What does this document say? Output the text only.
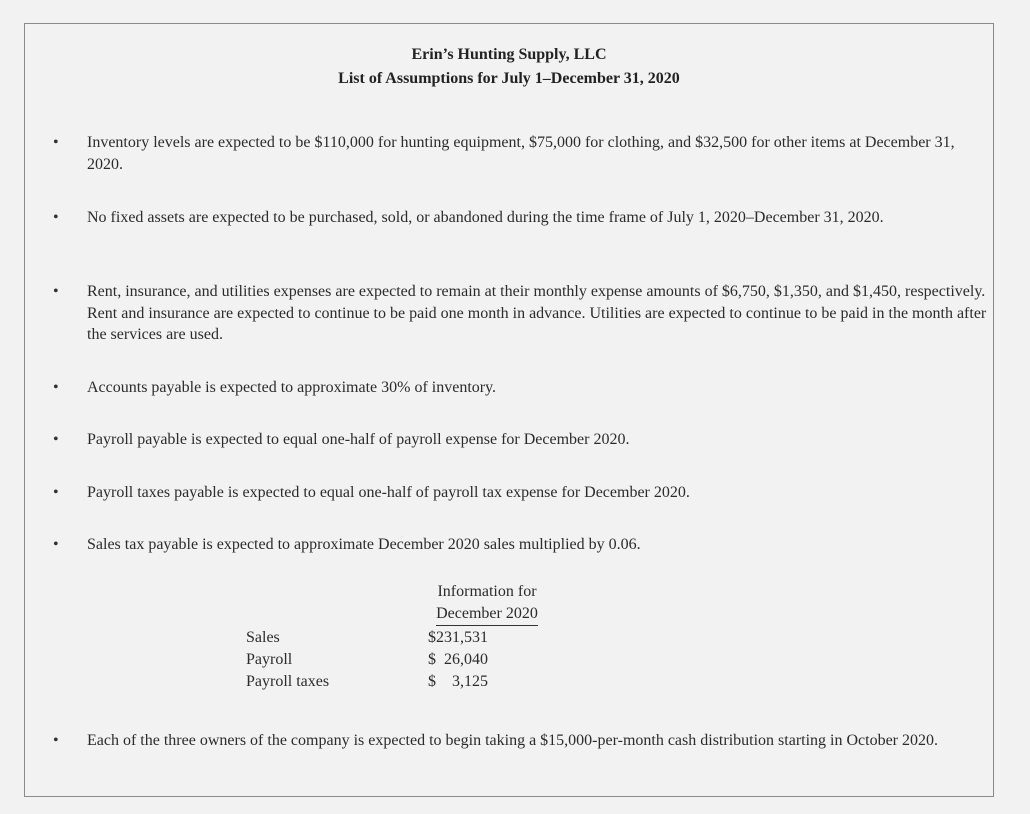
Erin’s Hunting Supply, LLC

List of Assumptions for July 1–December 31, 2020

• Inventory levels are expected to be $110,000 for hunting equipment, $75,000 for clothing, and $32,500 for other items at December 31, 2020.

• No fixed assets are expected to be purchased, sold, or abandoned during the time frame of July 1, 2020–December 31, 2020.

• Rent, insurance, and utilities expenses are expected to remain at their monthly expense amounts of $6,750, $1,350, and $1,450, respectively. Rent and insurance are expected to continue to be paid one month in advance. Utilities are expected to continue to be paid in the month after the services are used.

• Accounts payable is expected to approximate 30% of inventory.

• Payroll payable is expected to equal one-half of payroll expense for December 2020.

• Payroll taxes payable is expected to equal one-half of payroll tax expense for December 2020.

• Sales tax payable is expected to approximate December 2020 sales multiplied by 0.06.

Information for
December 2020
Sales	$231,531
Payroll	$  26,040
Payroll taxes	$    3,125
• Each of the three owners of the company is expected to begin taking a $15,000-per-month cash distribution starting in October 2020.
